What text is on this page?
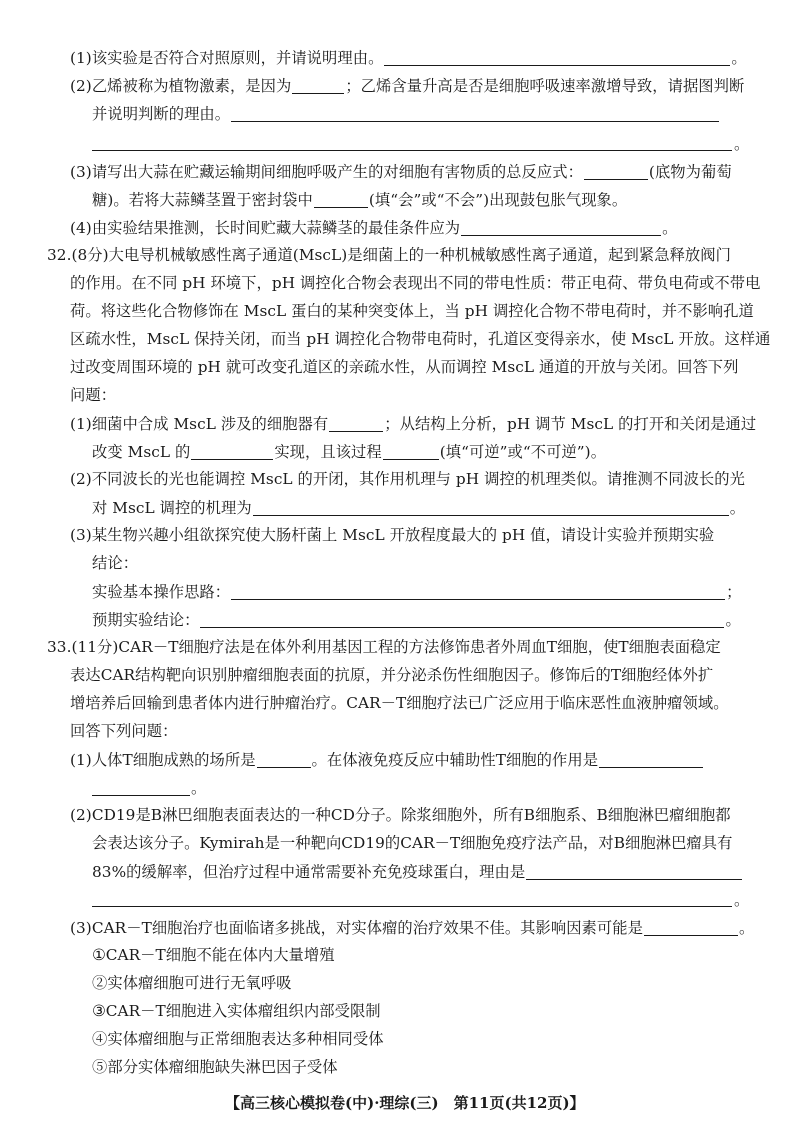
(1)该实验是否符合对照原则，并请说明理由。	。
(2)乙烯被称为植物激素，是因为	；乙烯含量升高是否是细胞呼吸速率激增导致，请据图判断
并说明判断的理由。
。
(3)请写出大蒜在贮藏运输期间细胞呼吸产生的对细胞有害物质的总反应式：	(底物为葡萄
糖)。若将大蒜鳞茎置于密封袋中	(填“会”或“不会”)出现鼓包胀气现象。
(4)由实验结果推测，长时间贮藏大蒜鳞茎的最佳条件应为	。
32.(8分)大电导机械敏感性离子通道(MscL)是细菌上的一种机械敏感性离子通道，起到紧急释放阀门
的作用。在不同 pH 环境下，pH 调控化合物会表现出不同的带电性质：带正电荷、带负电荷或不带电
荷。将这些化合物修饰在 MscL 蛋白的某种突变体上，当 pH 调控化合物不带电荷时，并不影响孔道
区疏水性，MscL 保持关闭，而当 pH 调控化合物带电荷时，孔道区变得亲水，使 MscL 开放。这样通
过改变周围环境的 pH 就可改变孔道区的亲疏水性，从而调控 MscL 通道的开放与关闭。回答下列
问题：
(1)细菌中合成 MscL 涉及的细胞器有	；从结构上分析，pH 调节 MscL 的打开和关闭是通过
改变 MscL 的	实现，且该过程	(填“可逆”或“不可逆”)。
(2)不同波长的光也能调控 MscL 的开闭，其作用机理与 pH 调控的机理类似。请推测不同波长的光
对 MscL 调控的机理为	。
(3)某生物兴趣小组欲探究使大肠杆菌上 MscL 开放程度最大的 pH 值，请设计实验并预期实验
结论：
实验基本操作思路：	；
预期实验结论：	。
33.(11分)CAR－T细胞疗法是在体外利用基因工程的方法修饰患者外周血T细胞，使T细胞表面稳定
表达CAR结构靶向识别肿瘤细胞表面的抗原，并分泌杀伤性细胞因子。修饰后的T细胞经体外扩
增培养后回输到患者体内进行肿瘤治疗。CAR－T细胞疗法已广泛应用于临床恶性血液肿瘤领域。
回答下列问题：
(1)人体T细胞成熟的场所是	。在体液免疫反应中辅助性T细胞的作用是
。
(2)CD19是B淋巴细胞表面表达的一种CD分子。除浆细胞外，所有B细胞系、B细胞淋巴瘤细胞都
会表达该分子。Kymirah是一种靶向CD19的CAR－T细胞免疫疗法产品，对B细胞淋巴瘤具有
83%的缓解率，但治疗过程中通常需要补充免疫球蛋白，理由是
。
(3)CAR－T细胞治疗也面临诸多挑战，对实体瘤的治疗效果不佳。其影响因素可能是	。
①CAR－T细胞不能在体内大量增殖
②实体瘤细胞可进行无氧呼吸
③CAR－T细胞进入实体瘤组织内部受限制
④实体瘤细胞与正常细胞表达多种相同受体
⑤部分实体瘤细胞缺失淋巴因子受体
【高三核心模拟卷(中)·理综(三)　第11页(共12页)】
